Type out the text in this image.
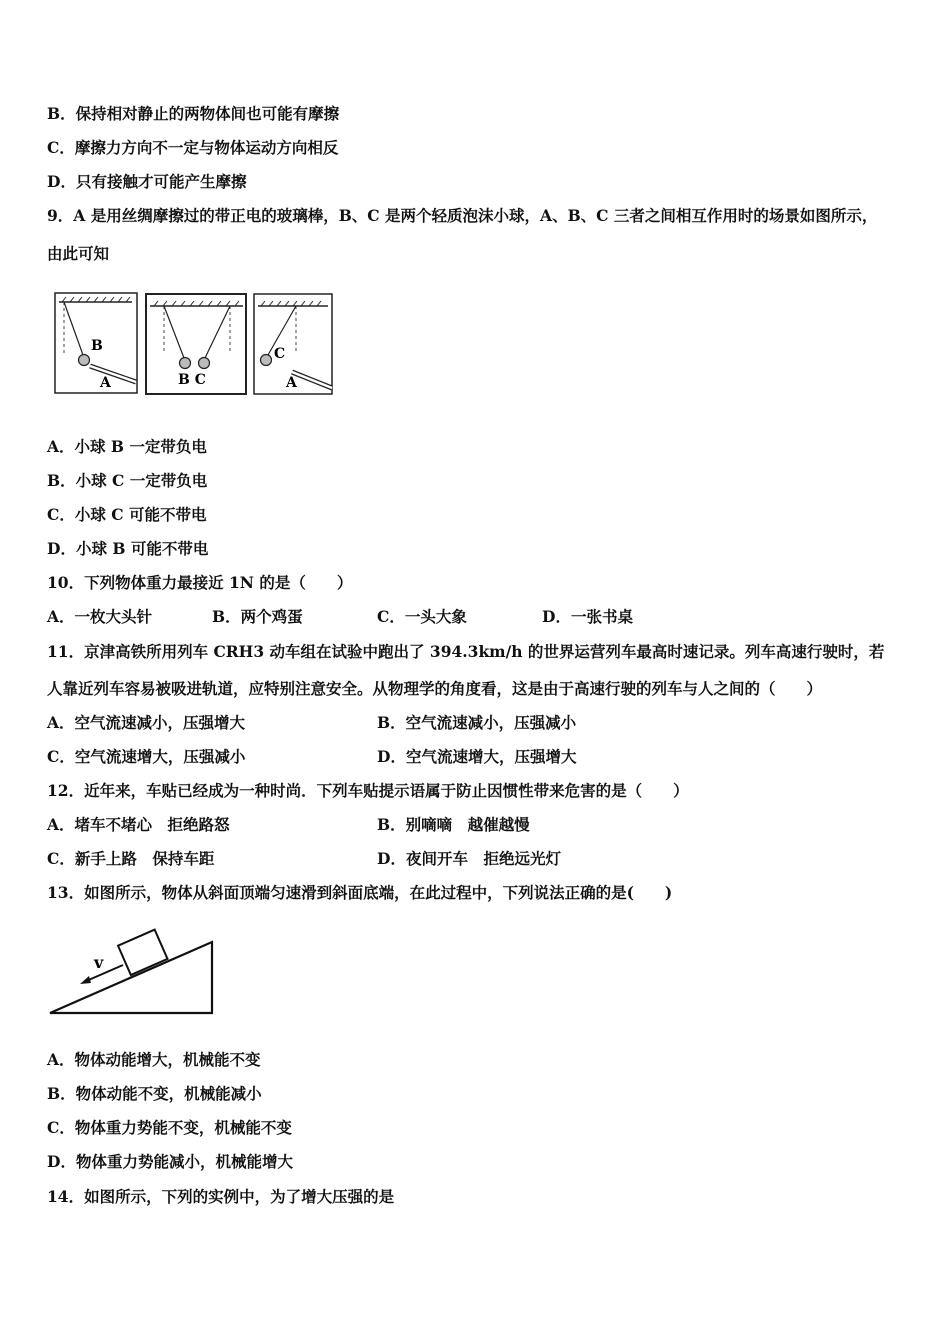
B．保持相对静止的两物体间也可能有摩擦
C．摩擦力方向不一定与物体运动方向相反
D．只有接触才可能产生摩擦
9．A 是用丝绸摩擦过的带正电的玻璃棒，B、C 是两个轻质泡沫小球，A、B、C 三者之间相互作用时的场景如图所示，
由此可知
B
A	B C
C
A
A．小球 B 一定带负电
B．小球 C 一定带负电
C．小球 C 可能不带电
D．小球 B 可能不带电
10．下列物体重力最接近 1N 的是（　　）
A．一枚大头针	B．两个鸡蛋	C．一头大象	D．一张书桌
11．京津高铁所用列车 CRH3 动车组在试验中跑出了 394.3km/h 的世界运营列车最高时速记录。列车高速行驶时，若
人靠近列车容易被吸进轨道，应特别注意安全。从物理学的角度看，这是由于高速行驶的列车与人之间的（　　）
A．空气流速减小，压强增大	B．空气流速减小，压强减小
C．空气流速增大，压强减小	D．空气流速增大，压强增大
12．近年来，车贴已经成为一种时尚．下列车贴提示语属于防止因惯性带来危害的是（　　）
A．堵车不堵心　拒绝路怒	B．别嘀嘀　越催越慢
C．新手上路　保持车距	D．夜间开车　拒绝远光灯
13．如图所示，物体从斜面顶端匀速滑到斜面底端，在此过程中，下列说法正确的是(　　)
v
A．物体动能增大，机械能不变
B．物体动能不变，机械能减小
C．物体重力势能不变，机械能不变
D．物体重力势能减小，机械能增大
14．如图所示，下列的实例中，为了增大压强的是
